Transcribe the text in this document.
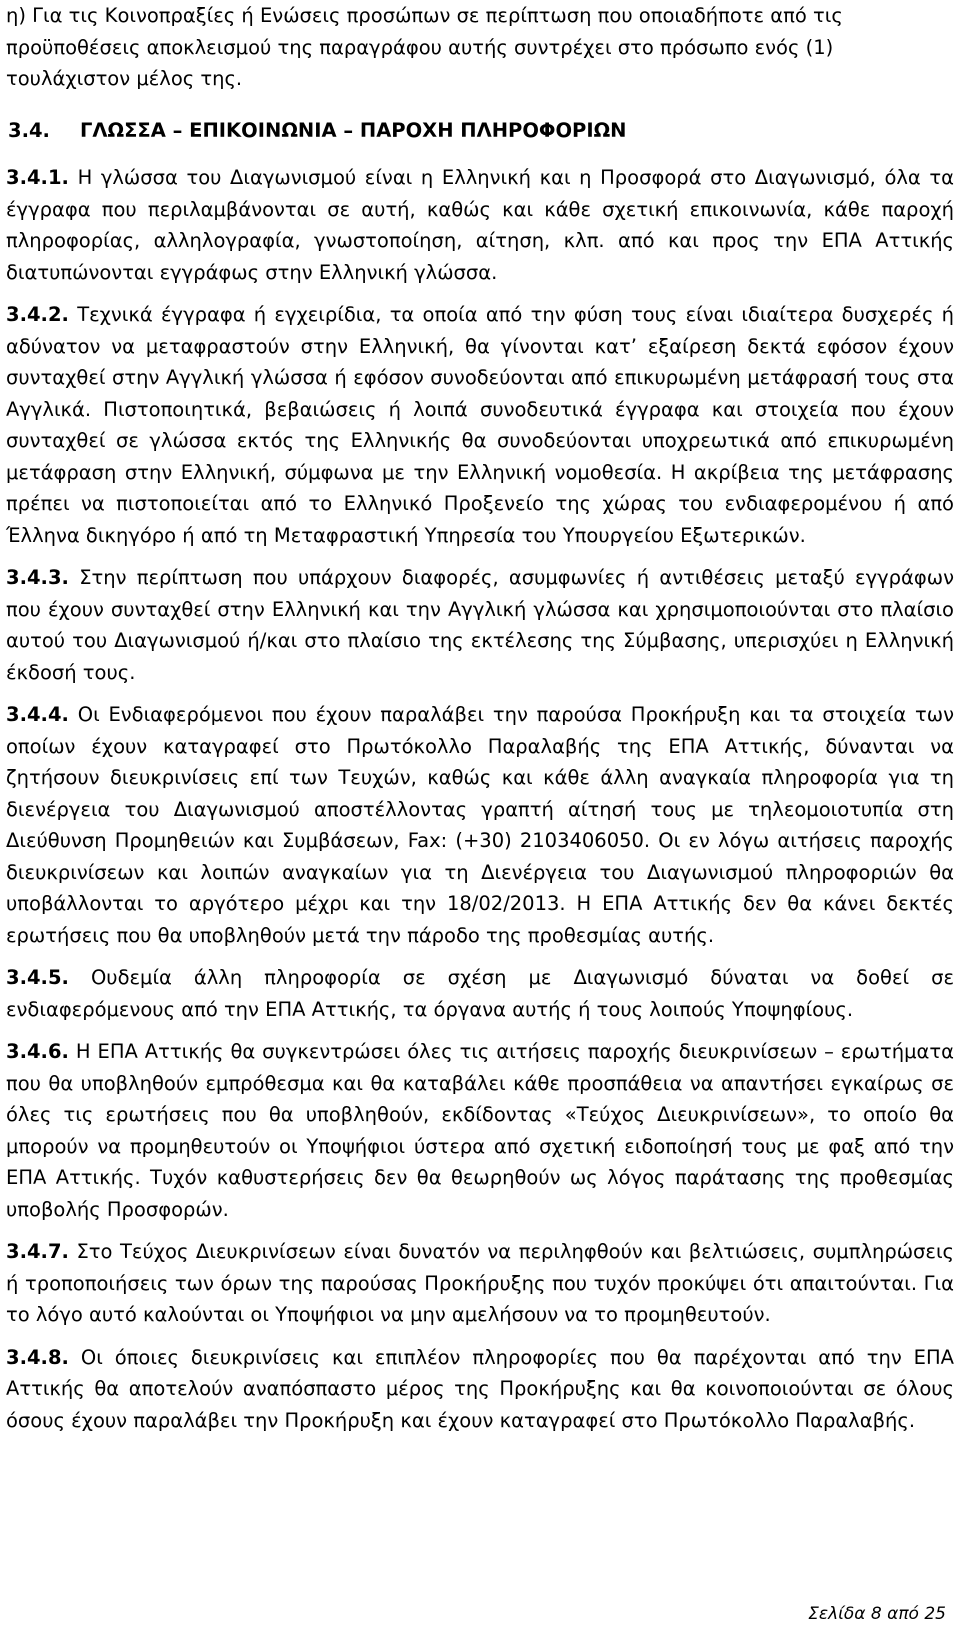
η) Για τις Κοινοπραξίες ή Ενώσεις προσώπων σε περίπτωση που οποιαδήποτε από τις προϋποθέσεις αποκλεισμού της παραγράφου αυτής συντρέχει στο πρόσωπο ενός (1) τουλάχιστον μέλος της.

3.4. ΓΛΩΣΣΑ – ΕΠΙΚΟΙΝΩΝΙΑ – ΠΑΡΟΧΗ ΠΛΗΡΟΦΟΡΙΩΝ

3.4.1. Η γλώσσα του Διαγωνισμού είναι η Ελληνική και η Προσφορά στο Διαγωνισμό, όλα τα έγγραφα που περιλαμβάνονται σε αυτή, καθώς και κάθε σχετική επικοινωνία, κάθε παροχή πληροφορίας, αλληλογραφία, γνωστοποίηση, αίτηση, κλπ. από και προς την ΕΠΑ Αττικής διατυπώνονται εγγράφως στην Ελληνική γλώσσα.

3.4.2. Τεχνικά έγγραφα ή εγχειρίδια, τα οποία από την φύση τους είναι ιδιαίτερα δυσχερές ή αδύνατον να μεταφραστούν στην Ελληνική, θα γίνονται κατ’ εξαίρεση δεκτά εφόσον έχουν συνταχθεί στην Αγγλική γλώσσα ή εφόσον συνοδεύονται από επικυρωμένη μετάφρασή τους στα Αγγλικά. Πιστοποιητικά, βεβαιώσεις ή λοιπά συνοδευτικά έγγραφα και στοιχεία που έχουν συνταχθεί σε γλώσσα εκτός της Ελληνικής θα συνοδεύονται υποχρεωτικά από επικυρωμένη μετάφραση στην Ελληνική, σύμφωνα με την Ελληνική νομοθεσία. Η ακρίβεια της μετάφρασης πρέπει να πιστοποιείται από το Ελληνικό Προξενείο της χώρας του ενδιαφερομένου ή από Έλληνα δικηγόρο ή από τη Μεταφραστική Υπηρεσία του Υπουργείου Εξωτερικών.

3.4.3. Στην περίπτωση που υπάρχουν διαφορές, ασυμφωνίες ή αντιθέσεις μεταξύ εγγράφων που έχουν συνταχθεί στην Ελληνική και την Αγγλική γλώσσα και χρησιμοποιούνται στο πλαίσιο αυτού του Διαγωνισμού ή/και στο πλαίσιο της εκτέλεσης της Σύμβασης, υπερισχύει η Ελληνική έκδοσή τους.

3.4.4. Οι Ενδιαφερόμενοι που έχουν παραλάβει την παρούσα Προκήρυξη και τα στοιχεία των οποίων έχουν καταγραφεί στο Πρωτόκολλο Παραλαβής της ΕΠΑ Αττικής, δύνανται να ζητήσουν διευκρινίσεις επί των Τευχών, καθώς και κάθε άλλη αναγκαία πληροφορία για τη διενέργεια του Διαγωνισμού αποστέλλοντας γραπτή αίτησή τους με τηλεομοιοτυπία στη Διεύθυνση Προμηθειών και Συμβάσεων, Fax: (+30) 2103406050. Οι εν λόγω αιτήσεις παροχής διευκρινίσεων και λοιπών αναγκαίων για τη Διενέργεια του Διαγωνισμού πληροφοριών θα υποβάλλονται το αργότερο μέχρι και την 18/02/2013. Η ΕΠΑ Αττικής δεν θα κάνει δεκτές ερωτήσεις που θα υποβληθούν μετά την πάροδο της προθεσμίας αυτής.

3.4.5. Ουδεμία άλλη πληροφορία σε σχέση με Διαγωνισμό δύναται να δοθεί σε ενδιαφερόμενους από την ΕΠΑ Αττικής, τα όργανα αυτής ή τους λοιπούς Υποψηφίους.

3.4.6. Η ΕΠΑ Αττικής θα συγκεντρώσει όλες τις αιτήσεις παροχής διευκρινίσεων – ερωτήματα που θα υποβληθούν εμπρόθεσμα και θα καταβάλει κάθε προσπάθεια να απαντήσει εγκαίρως σε όλες τις ερωτήσεις που θα υποβληθούν, εκδίδοντας «Τεύχος Διευκρινίσεων», το οποίο θα μπορούν να προμηθευτούν οι Υποψήφιοι ύστερα από σχετική ειδοποίησή τους με φαξ από την ΕΠΑ Αττικής. Τυχόν καθυστερήσεις δεν θα θεωρηθούν ως λόγος παράτασης της προθεσμίας υποβολής Προσφορών.

3.4.7. Στο Τεύχος Διευκρινίσεων είναι δυνατόν να περιληφθούν και βελτιώσεις, συμπληρώσεις ή τροποποιήσεις των όρων της παρούσας Προκήρυξης που τυχόν προκύψει ότι απαιτούνται. Για το λόγο αυτό καλούνται οι Υποψήφιοι να μην αμελήσουν να το προμηθευτούν.

3.4.8. Οι όποιες διευκρινίσεις και επιπλέον πληροφορίες που θα παρέχονται από την ΕΠΑ Αττικής θα αποτελούν αναπόσπαστο μέρος της Προκήρυξης και θα κοινοποιούνται σε όλους όσους έχουν παραλάβει την Προκήρυξη και έχουν καταγραφεί στο Πρωτόκολλο Παραλαβής.

Σελίδα 8 από 25
